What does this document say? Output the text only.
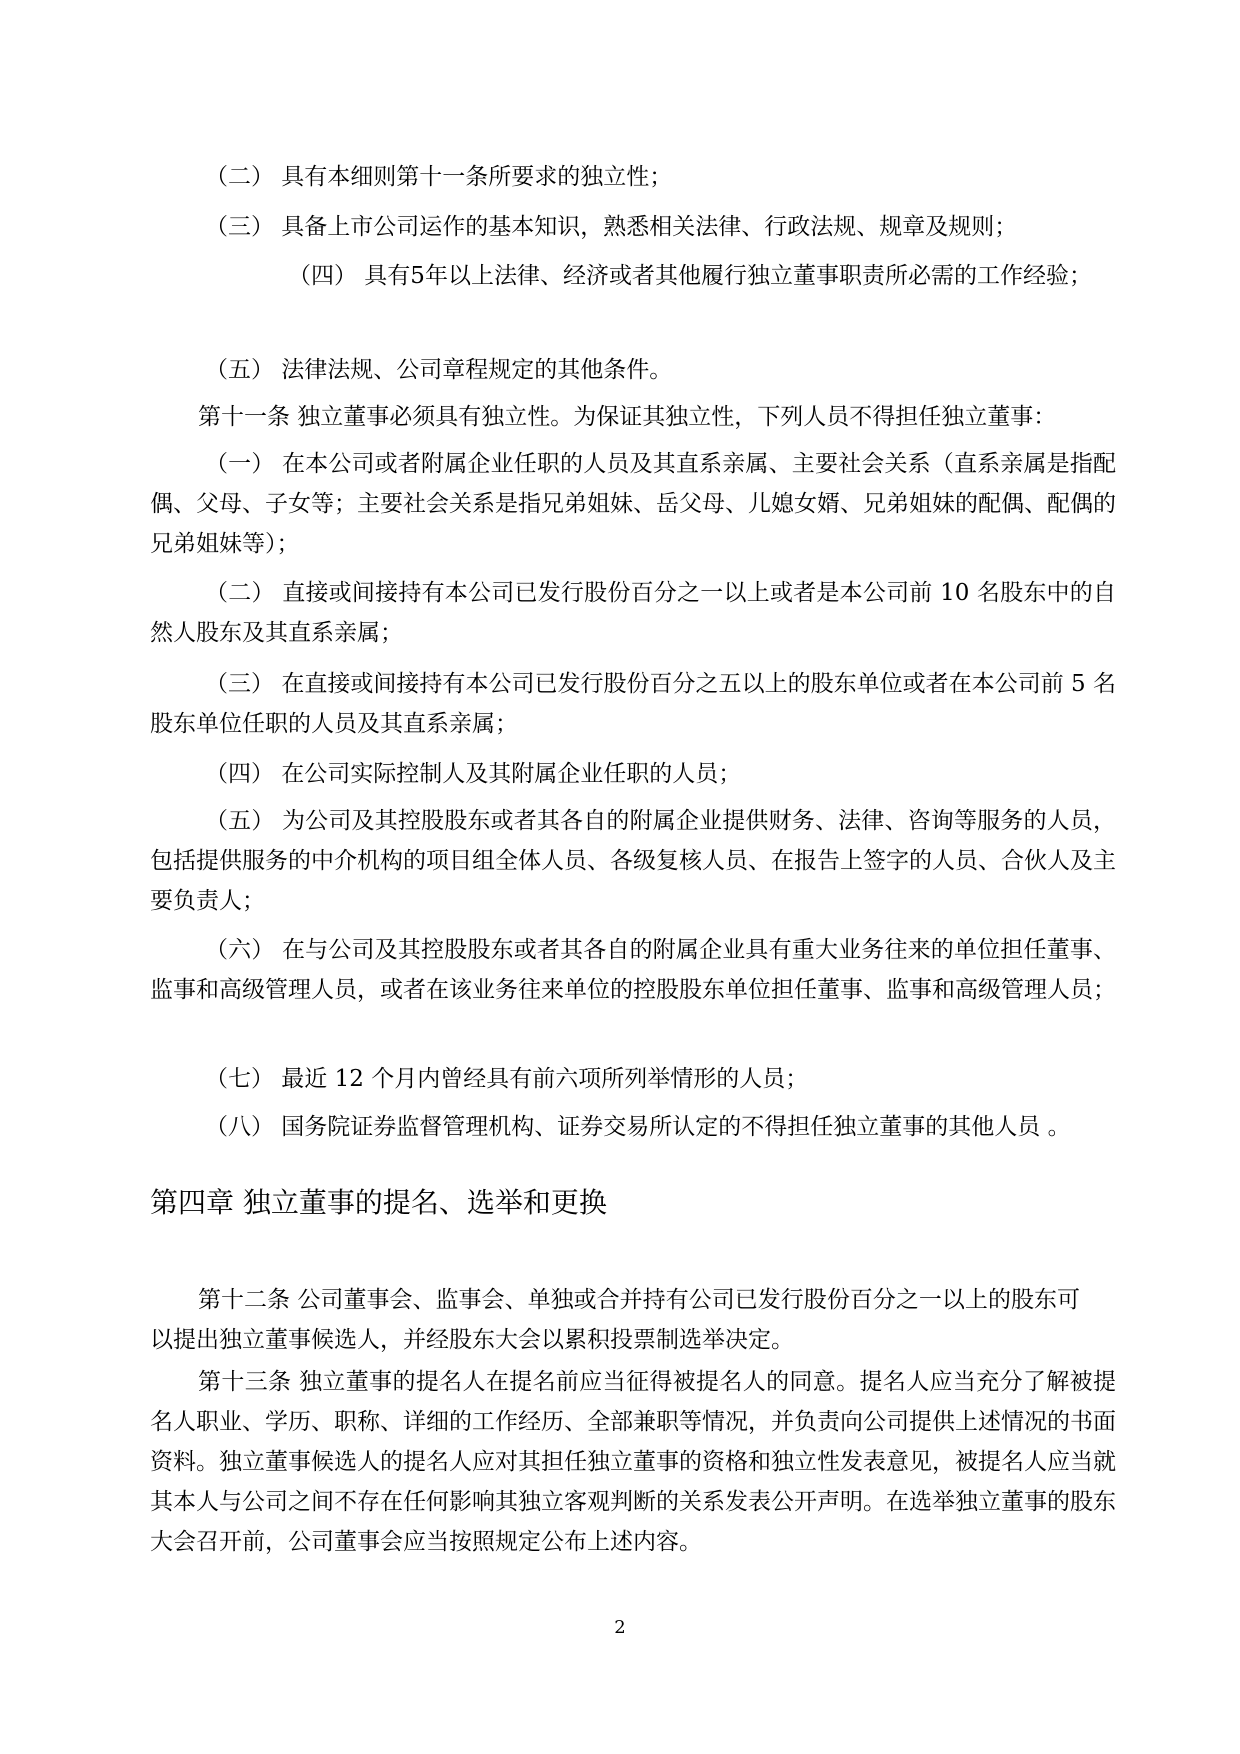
（二） 具有本细则第十一条所要求的独立性；

（三） 具备上市公司运作的基本知识，熟悉相关法律、行政法规、规章及规则；

（四） 具有5年以上法律、经济或者其他履行独立董事职责所必需的工作经验；

（五） 法律法规、公司章程规定的其他条件。

第十一条 独立董事必须具有独立性。为保证其独立性，下列人员不得担任独立董事：

（一） 在本公司或者附属企业任职的人员及其直系亲属、主要社会关系（直系亲属是指配偶、父母、子女等；主要社会关系是指兄弟姐妹、岳父母、儿媳女婿、兄弟姐妹的配偶、配偶的兄弟姐妹等）；

（二） 直接或间接持有本公司已发行股份百分之一以上或者是本公司前 10 名股东中的自然人股东及其直系亲属；

（三） 在直接或间接持有本公司已发行股份百分之五以上的股东单位或者在本公司前 5 名股东单位任职的人员及其直系亲属；

（四） 在公司实际控制人及其附属企业任职的人员；

（五） 为公司及其控股股东或者其各自的附属企业提供财务、法律、咨询等服务的人员，包括提供服务的中介机构的项目组全体人员、各级复核人员、在报告上签字的人员、合伙人及主要负责人；

（六） 在与公司及其控股股东或者其各自的附属企业具有重大业务往来的单位担任董事、监事和高级管理人员，或者在该业务往来单位的控股股东单位担任董事、监事和高级管理人员；

（七） 最近 12 个月内曾经具有前六项所列举情形的人员；

（八） 国务院证券监督管理机构、证券交易所认定的不得担任独立董事的其他人员 。

第四章 独立董事的提名、选举和更换

第十二条 公司董事会、监事会、单独或合并持有公司已发行股份百分之一以上的股东可以提出独立董事候选人，并经股东大会以累积投票制选举决定。

第十三条 独立董事的提名人在提名前应当征得被提名人的同意。提名人应当充分了解被提名人职业、学历、职称、详细的工作经历、全部兼职等情况，并负责向公司提供上述情况的书面资料。独立董事候选人的提名人应对其担任独立董事的资格和独立性发表意见，被提名人应当就其本人与公司之间不存在任何影响其独立客观判断的关系发表公开声明。在选举独立董事的股东大会召开前，公司董事会应当按照规定公布上述内容。

2
